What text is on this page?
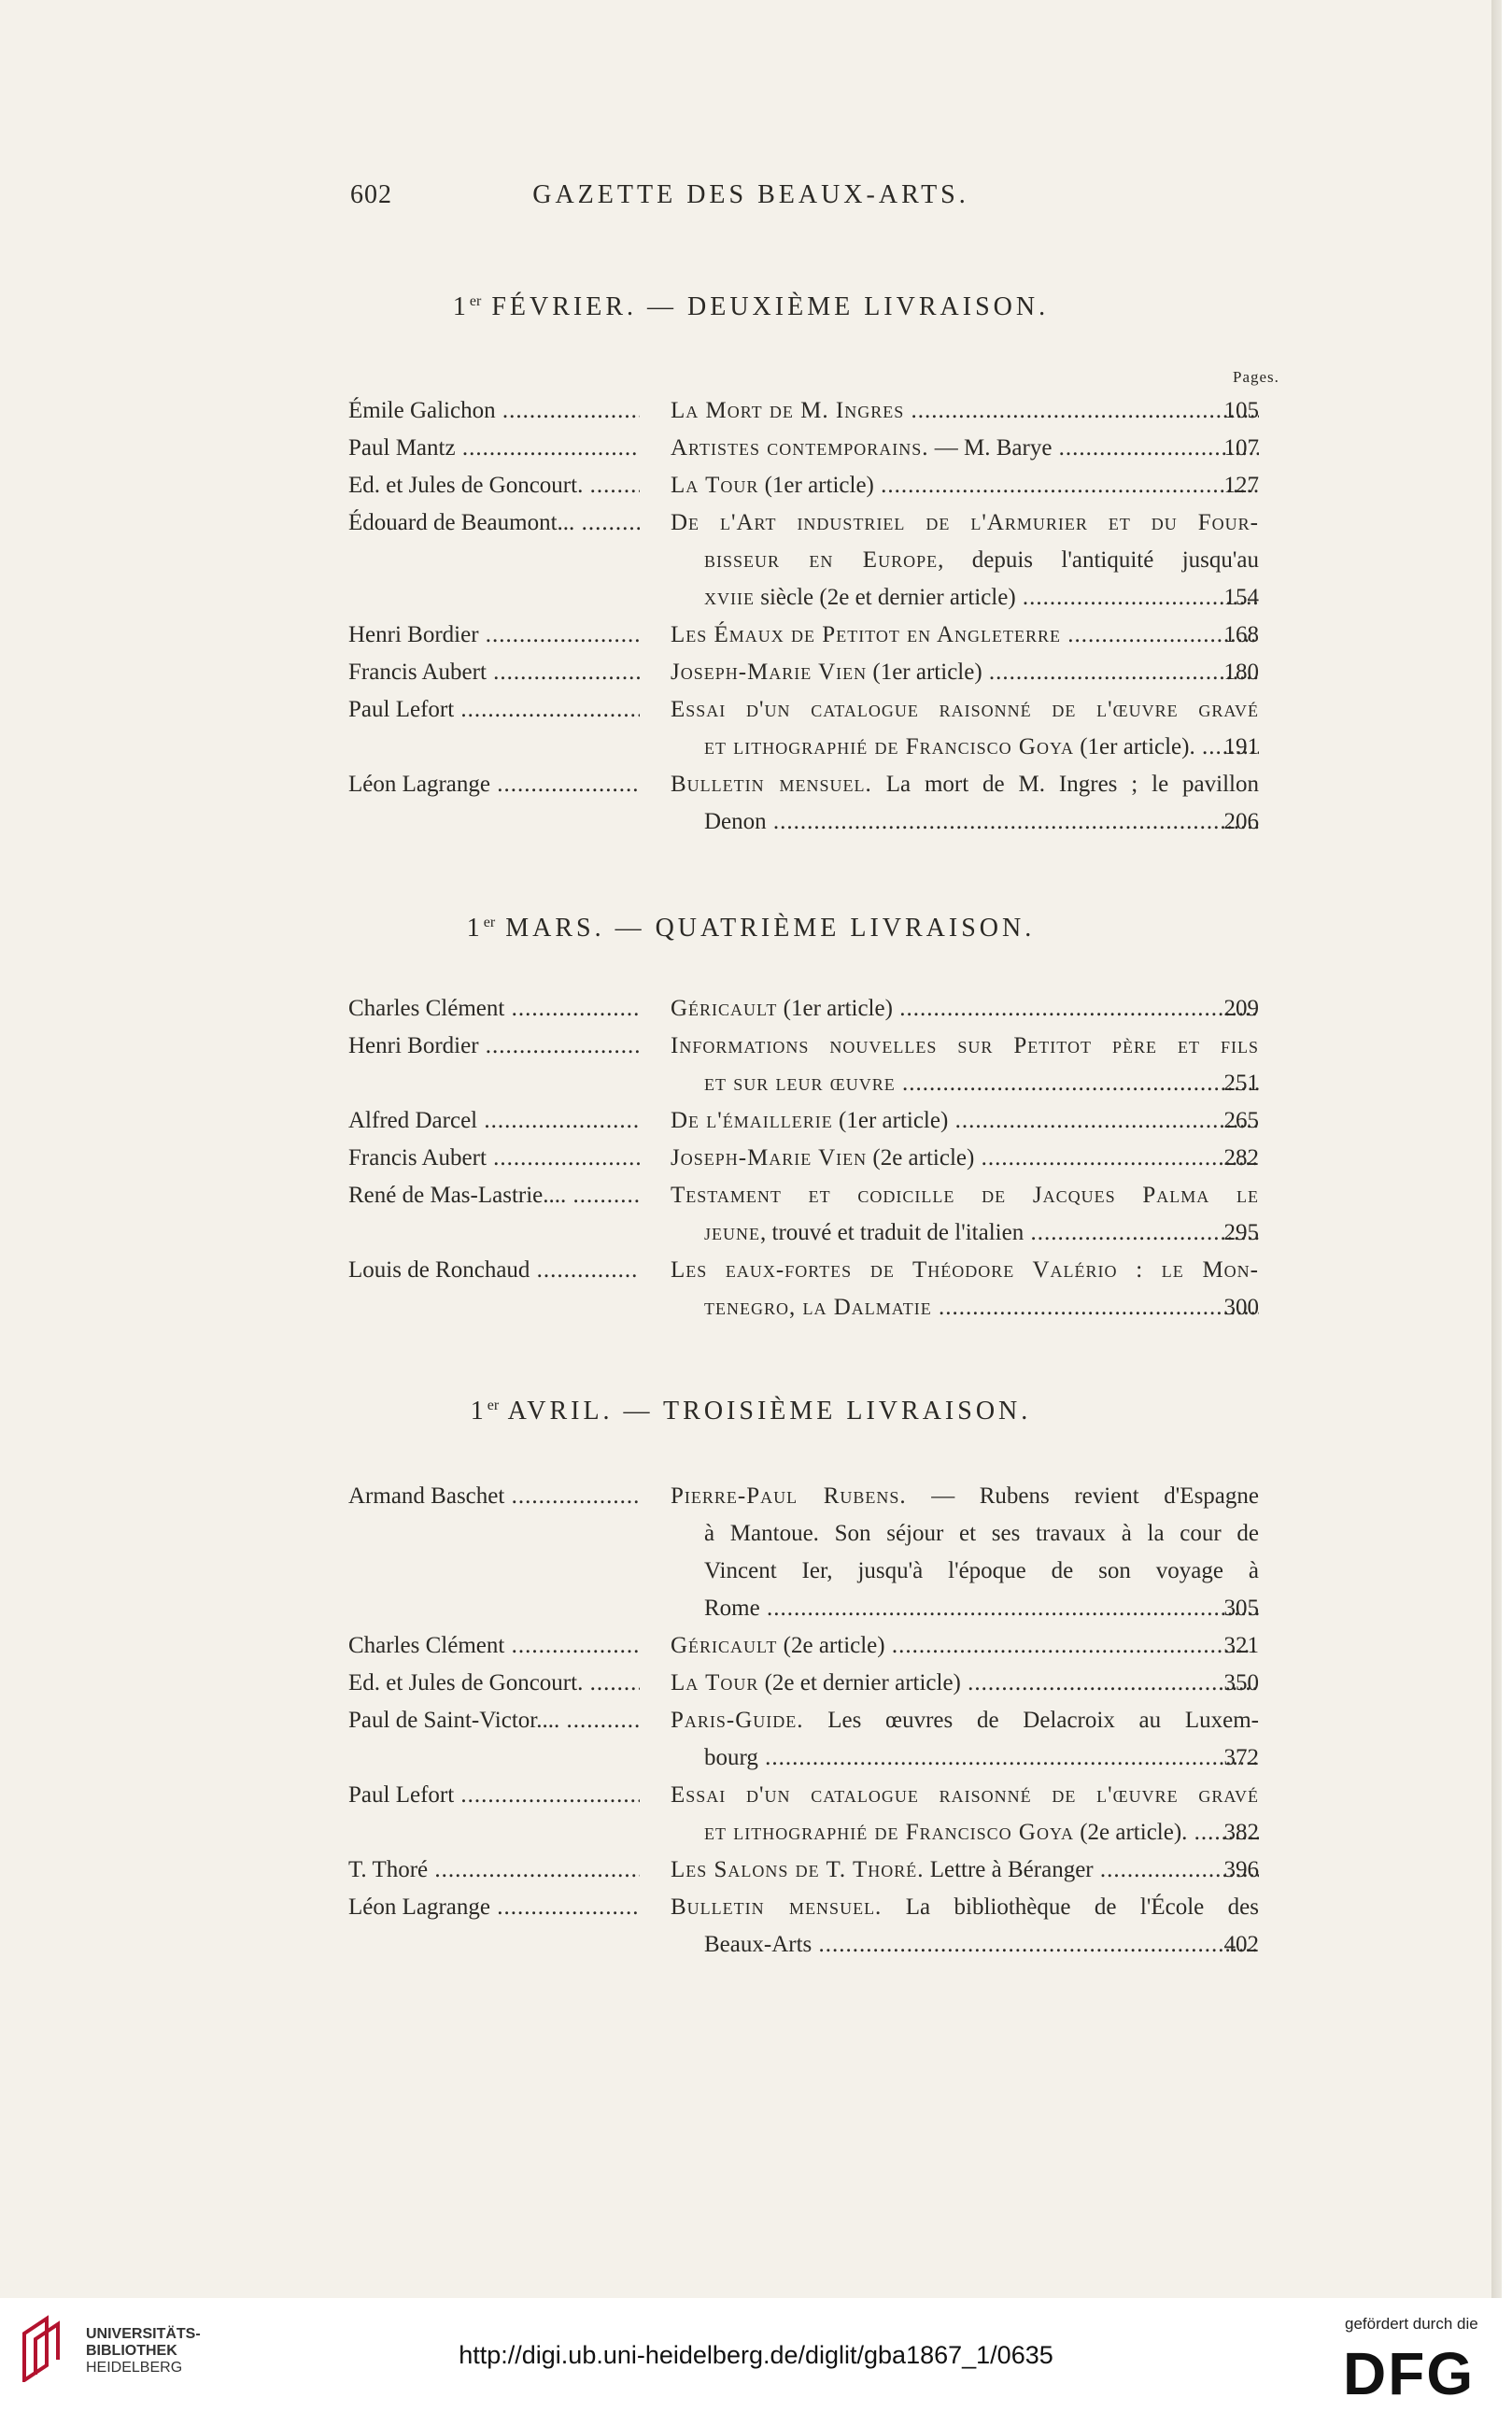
602	GAZETTE DES BEAUX-ARTS.
1er FÉVRIER. — DEUXIÈME LIVRAISON.
Pages.
Émile Galichon .....	La Mort de M. Ingres .....	105
Paul Mantz .....	Artistes contemporains. — M. Barye .....	107
Ed. et Jules de Goncourt. .....	La Tour (1er article) .....	127
Édouard de Beaumont... .....	De l'Art industriel de l'Armurier et du Four-
bisseur en Europe, depuis l'antiquité jusqu'au
xviie siècle (2e et dernier article) .....	154
Henri Bordier .....	Les Émaux de Petitot en Angleterre .....	168
Francis Aubert .....	Joseph-Marie Vien (1er article) .....	180
Paul Lefort .....	Essai d'un catalogue raisonné de l'œuvre gravé
et lithographié de Francisco Goya (1er article). .....	191
Léon Lagrange .....	Bulletin mensuel. La mort de M. Ingres ; le pavillon
Denon .....	206
1er MARS. — QUATRIÈME LIVRAISON.
Charles Clément .....	Géricault (1er article) .....	209
Henri Bordier .....	Informations nouvelles sur Petitot père et fils
et sur leur œuvre .....	251
Alfred Darcel .....	De l'émaillerie (1er article) .....	265
Francis Aubert .....	Joseph-Marie Vien (2e article) .....	282
René de Mas-Lastrie.... .....	Testament et codicille de Jacques Palma le
jeune, trouvé et traduit de l'italien .....	295
Louis de Ronchaud .....	Les eaux-fortes de Théodore Valério : le Mon-
tenegro, la Dalmatie .....	300
1er AVRIL. — TROISIÈME LIVRAISON.
Armand Baschet .....	Pierre-Paul Rubens. — Rubens revient d'Espagne
à Mantoue. Son séjour et ses travaux à la cour de
Vincent Ier, jusqu'à l'époque de son voyage à
Rome .....	305
Charles Clément .....	Géricault (2e article) .....	321
Ed. et Jules de Goncourt. .....	La Tour (2e et dernier article) .....	350
Paul de Saint-Victor.... .....	Paris-Guide. Les œuvres de Delacroix au Luxem-
bourg .....	372
Paul Lefort .....	Essai d'un catalogue raisonné de l'œuvre gravé
et lithographié de Francisco Goya (2e article). .....	382
T. Thoré .....	Les Salons de T. Thoré. Lettre à Béranger .....	396
Léon Lagrange .....	Bulletin mensuel. La bibliothèque de l'École des
Beaux-Arts .....	402
UNIVERSITÄTS-
BIBLIOTHEK
HEIDELBERG	http://digi.ub.uni-heidelberg.de/diglit/gba1867_1/0635
gefördert durch die
DFG
